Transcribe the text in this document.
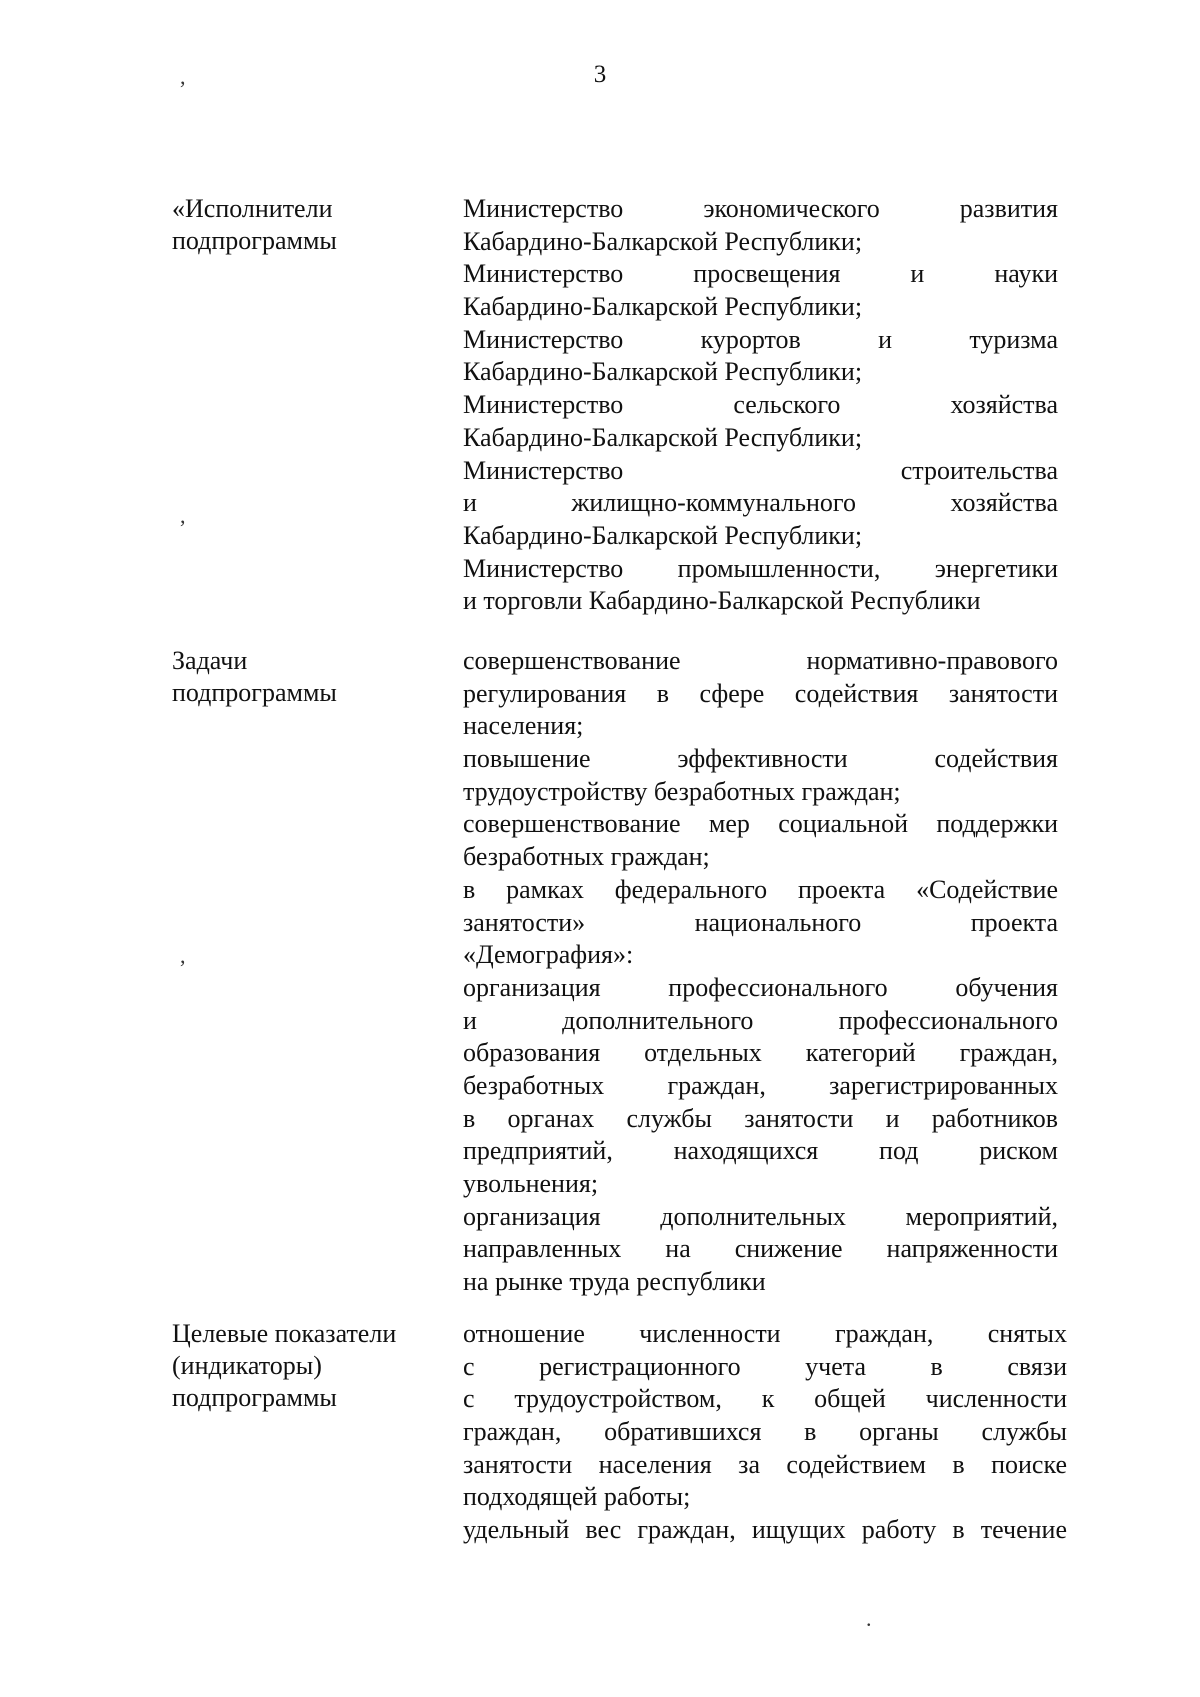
3
,
,
,
.
«Исполнители
подпрограммы
Министерство экономического развития
Кабардино-Балкарской Республики;
Министерство просвещения и науки
Кабардино-Балкарской Республики;
Министерство курортов и туризма
Кабардино-Балкарской Республики;
Министерство сельского хозяйства
Кабардино-Балкарской Республики;
Министерство строительства
и жилищно-коммунального хозяйства
Кабардино-Балкарской Республики;
Министерство промышленности, энергетики
и торговли Кабардино-Балкарской Республики
Задачи
подпрограммы
совершенствование нормативно-правового
регулирования в сфере содействия занятости
населения;
повышение эффективности содействия
трудоустройству безработных граждан;
совершенствование мер социальной поддержки
безработных граждан;
в рамках федерального проекта «Содействие
занятости» национального проекта
«Демография»:
организация профессионального обучения
и дополнительного профессионального
образования отдельных категорий граждан,
безработных граждан, зарегистрированных
в органах службы занятости и работников
предприятий, находящихся под риском
увольнения;
организация дополнительных мероприятий,
направленных на снижение напряженности
на рынке труда республики
Целевые показатели
(индикаторы)
подпрограммы
отношение численности граждан, снятых
с регистрационного учета в связи
с трудоустройством, к общей численности
граждан, обратившихся в органы службы
занятости населения за содействием в поиске
подходящей работы;
удельный вес граждан, ищущих работу в течение
